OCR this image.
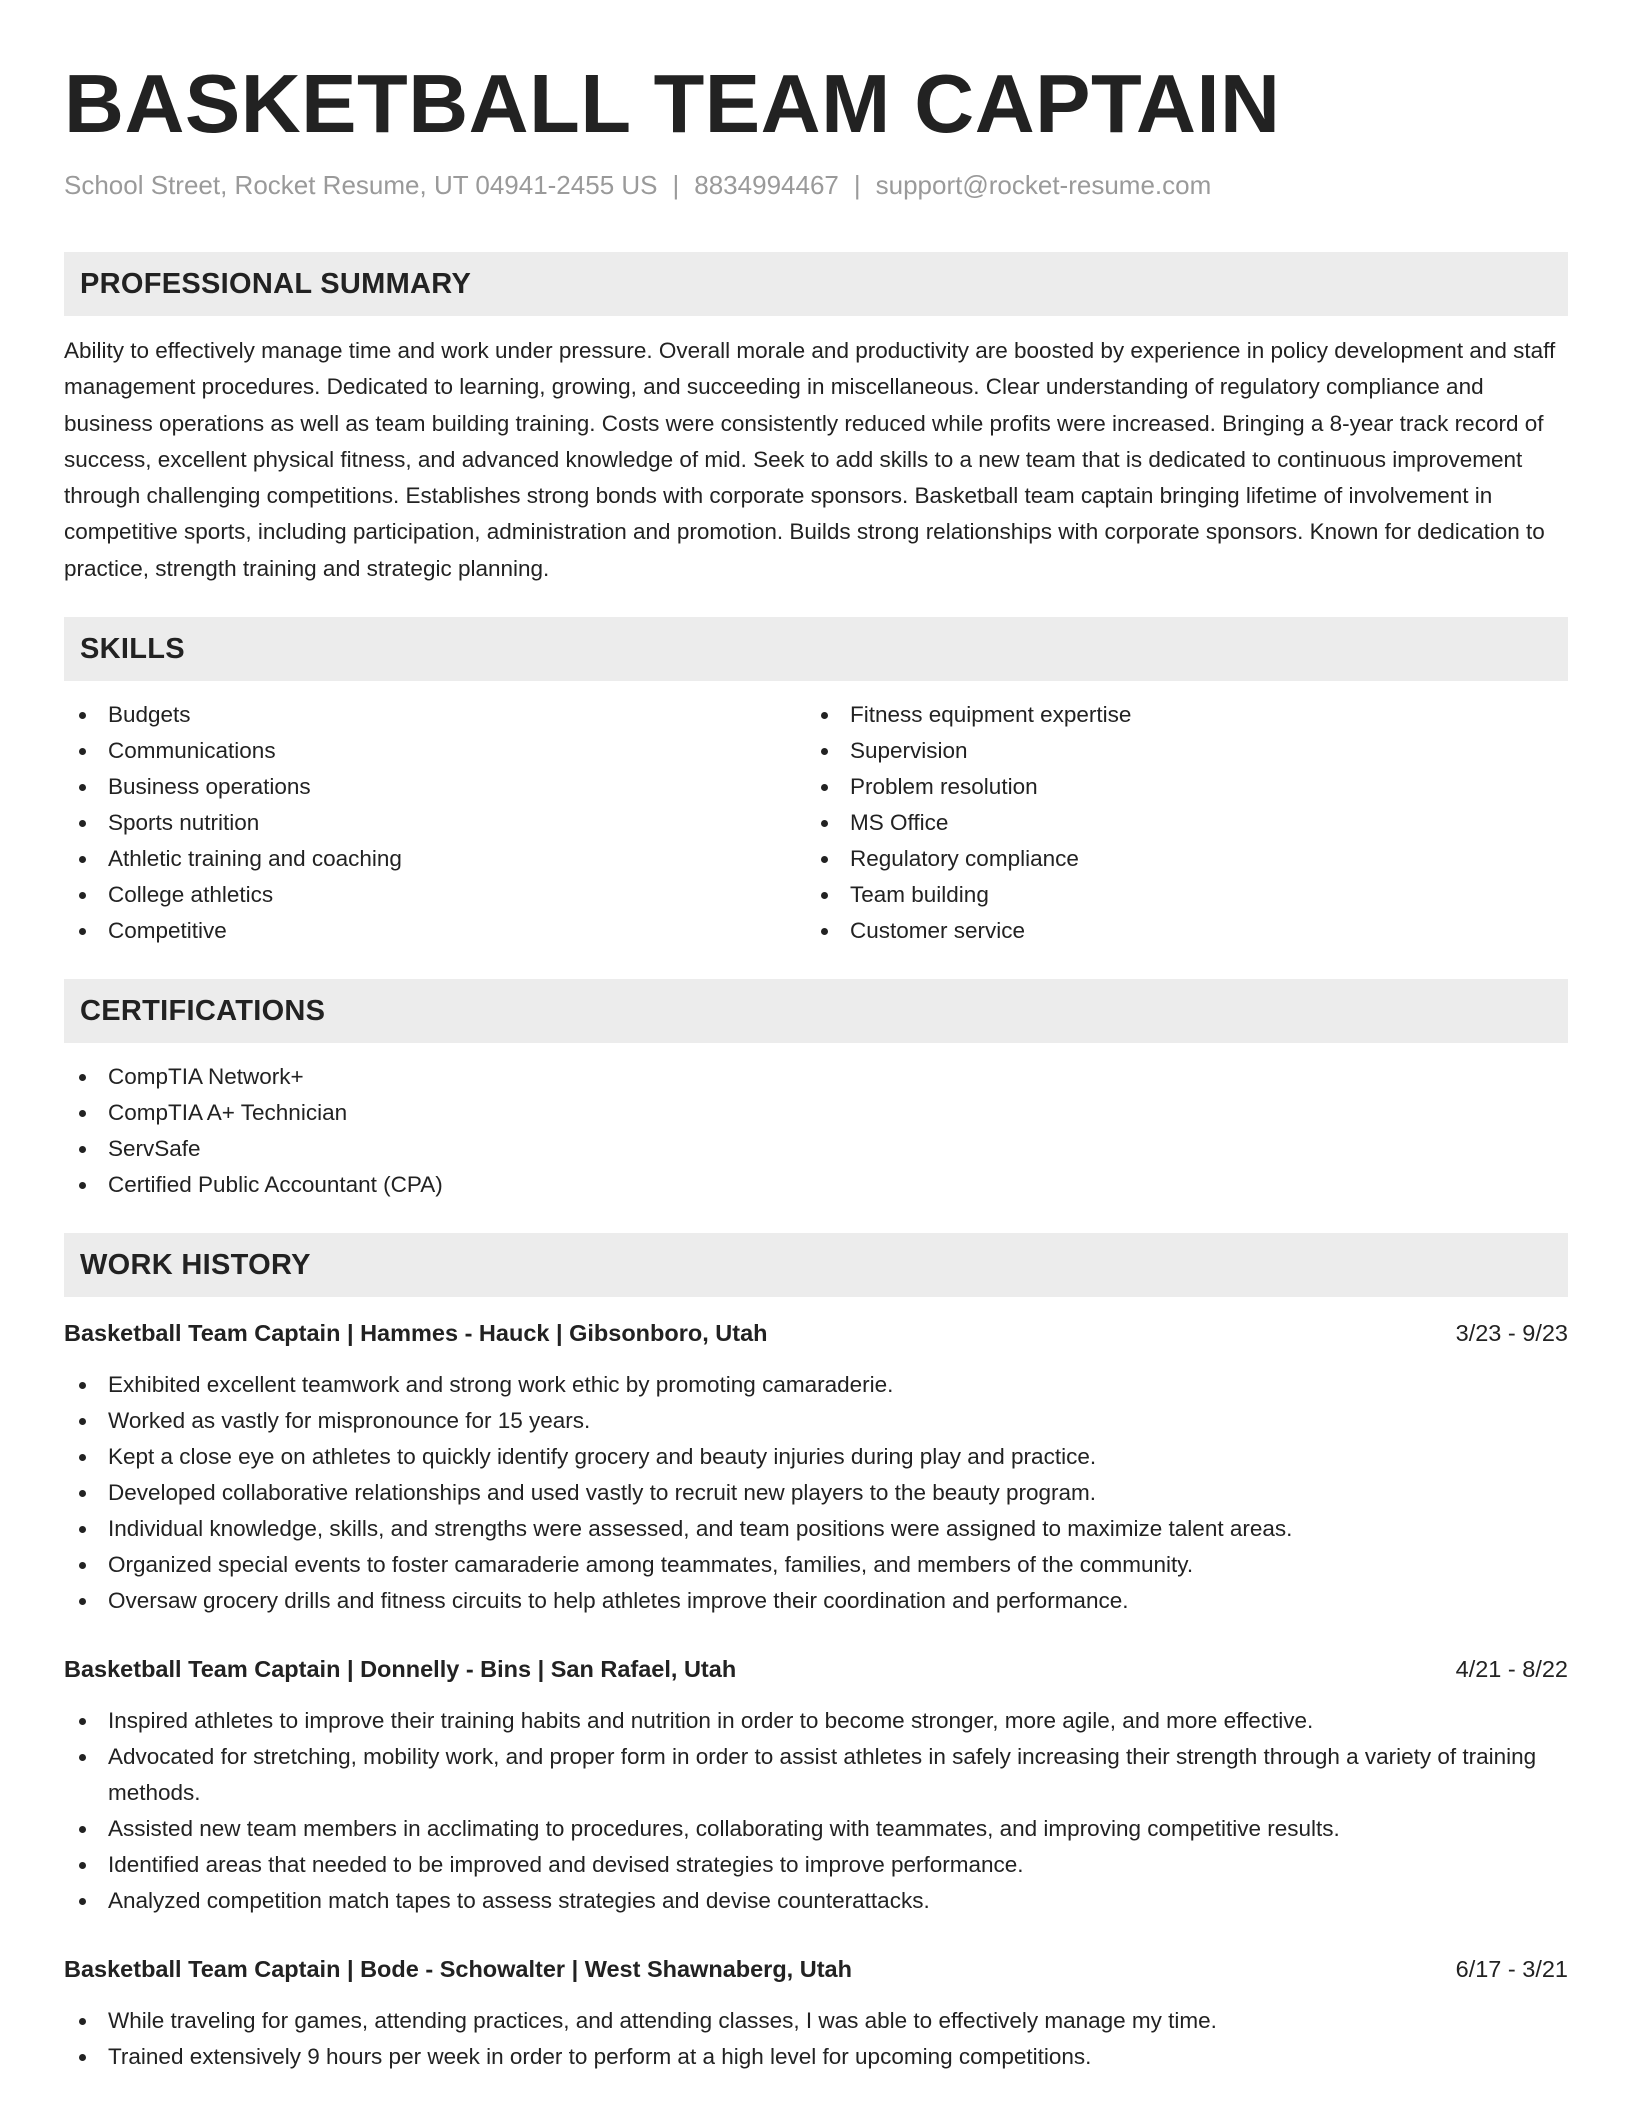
BASKETBALL TEAM CAPTAIN
School Street, Rocket Resume, UT 04941-2455 US | 8834994467 | support@rocket-resume.com
PROFESSIONAL SUMMARY

Ability to effectively manage time and work under pressure. Overall morale and productivity are boosted by experience in policy development and staff management procedures. Dedicated to learning, growing, and succeeding in miscellaneous. Clear understanding of regulatory compliance and business operations as well as team building training. Costs were consistently reduced while profits were increased. Bringing a 8-year track record of success, excellent physical fitness, and advanced knowledge of mid. Seek to add skills to a new team that is dedicated to continuous improvement through challenging competitions. Establishes strong bonds with corporate sponsors. Basketball team captain bringing lifetime of involvement in competitive sports, including participation, administration and promotion. Builds strong relationships with corporate sponsors. Known for dedication to practice, strength training and strategic planning.

SKILLS
Budgets
Communications
Business operations
Sports nutrition
Athletic training and coaching
College athletics
Competitive
Fitness equipment expertise
Supervision
Problem resolution
MS Office
Regulatory compliance
Team building
Customer service
CERTIFICATIONS
CompTIA Network+
CompTIA A+ Technician
ServSafe
Certified Public Accountant (CPA)
WORK HISTORY
Basketball Team Captain | Hammes - Hauck | Gibsonboro, Utah	3/23 - 9/23
Exhibited excellent teamwork and strong work ethic by promoting camaraderie.
Worked as vastly for mispronounce for 15 years.
Kept a close eye on athletes to quickly identify grocery and beauty injuries during play and practice.
Developed collaborative relationships and used vastly to recruit new players to the beauty program.
Individual knowledge, skills, and strengths were assessed, and team positions were assigned to maximize talent areas.
Organized special events to foster camaraderie among teammates, families, and members of the community.
Oversaw grocery drills and fitness circuits to help athletes improve their coordination and performance.
Basketball Team Captain | Donnelly - Bins | San Rafael, Utah	4/21 - 8/22
Inspired athletes to improve their training habits and nutrition in order to become stronger, more agile, and more effective.
Advocated for stretching, mobility work, and proper form in order to assist athletes in safely increasing their strength through a variety of training methods.
Assisted new team members in acclimating to procedures, collaborating with teammates, and improving competitive results.
Identified areas that needed to be improved and devised strategies to improve performance.
Analyzed competition match tapes to assess strategies and devise counterattacks.
Basketball Team Captain | Bode - Schowalter | West Shawnaberg, Utah	6/17 - 3/21
While traveling for games, attending practices, and attending classes, I was able to effectively manage my time.
Trained extensively 9 hours per week in order to perform at a high level for upcoming competitions.
